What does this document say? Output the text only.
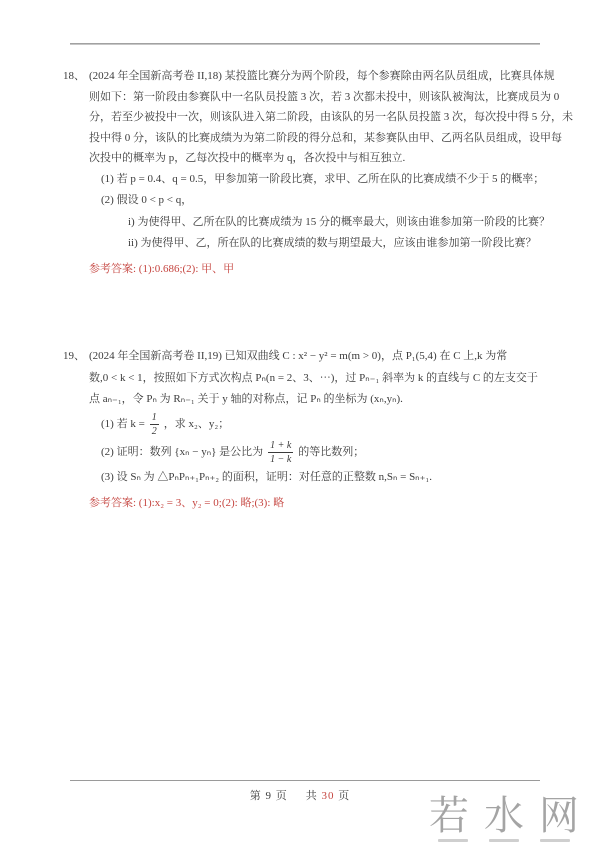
18、 (2024 年全国新高考卷 II,18) 某投篮比赛分为两个阶段，每个参赛除由两名队员组成，比赛具体规
则如下：第一阶段由参赛队中一名队员投篮 3 次，若 3 次都未投中，则该队被淘汰，比赛成员为 0
分，若至少被投中一次，则该队进入第二阶段，由该队的另一名队员投篮 3 次，每次投中得 5 分，未
投中得 0 分，该队的比赛成绩为为第二阶段的得分总和，某参赛队由甲、乙两名队员组成，设甲每
次投中的概率为 p，乙每次投中的概率为 q，各次投中与相互独立.
(1) 若 p = 0.4、q = 0.5，甲参加第一阶段比赛，求甲、乙所在队的比赛成绩不少于 5 的概率；
(2) 假设 0 < p < q，
i) 为使得甲、乙所在队的比赛成绩为 15 分的概率最大，则该由谁参加第一阶段的比赛？
ii) 为使得甲、乙，所在队的比赛成绩的数与期望最大，应该由谁参加第一阶段比赛？
参考答案: (1):0.686;(2): 甲、甲
19、 (2024 年全国新高考卷 II,19) 已知双曲线 C : x² − y² = m(m > 0)，点 P₁(5,4) 在 C 上,k 为常
数,0 < k < 1，按照如下方式次构点 Pₙ(n = 2、3、⋯)，过 Pₙ₋₁ 斜率为 k 的直线与 C 的左支交于
点 aₙ₋₁，令 Pₙ 为 Rₙ₋₁ 关于 y 轴的对称点，记 Pₙ 的坐标为 (xₙ,yₙ).
(1) 若 $k = \frac{1}{2}$ ，求 x₂、y₂；
(2) 证明：数列 {xₙ − yₙ} 是公比为 $\frac{1 + k}{1 - k}$ 的等比数列；
(3) 设 Sₙ 为 △PₙPₙ₊₁Pₙ₊₂ 的面积，证明：对任意的正整数 n,Sₙ = Sₙ₊₁.
参考答案: (1):x₂ = 3、y₂ = 0;(2): 略;(3): 略
第 9 页 共 30 页	若水网
